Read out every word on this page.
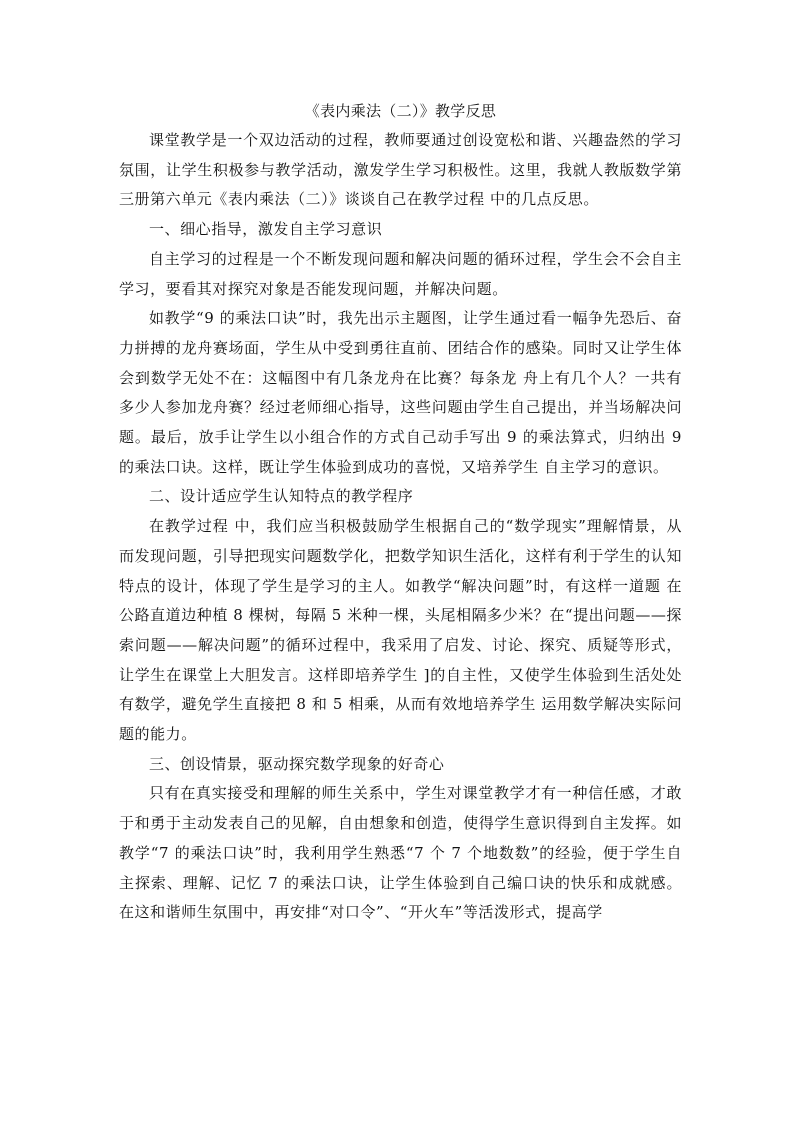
《表内乘法（二）》教学反思

课堂教学是一个双边活动的过程，教师要通过创设宽松和谐、兴趣盎然的学习氛围，让学生积极参与教学活动，激发学生学习积极性。这里，我就人教版数学第三册第六单元《表内乘法（二）》谈谈自己在教学过程 中的几点反思。

一、细心指导，激发自主学习意识

自主学习的过程是一个不断发现问题和解决问题的循环过程，学生会不会自主学习，要看其对探究对象是否能发现问题，并解决问题。

如教学“9 的乘法口诀”时，我先出示主题图，让学生通过看一幅争先恐后、奋力拼搏的龙舟赛场面，学生从中受到勇往直前、团结合作的感染。同时又让学生体会到数学无处不在：这幅图中有几条龙舟在比赛？每条龙 舟上有几个人？一共有多少人参加龙舟赛？经过老师细心指导，这些问题由学生自己提出，并当场解决问题。最后，放手让学生以小组合作的方式自己动手写出 9 的乘法算式，归纳出 9 的乘法口诀。这样，既让学生体验到成功的喜悦，又培养学生 自主学习的意识。

二、设计适应学生认知特点的教学程序

在教学过程 中，我们应当积极鼓励学生根据自己的“数学现实”理解情景，从而发现问题，引导把现实问题数学化，把数学知识生活化，这样有利于学生的认知特点的设计，体现了学生是学习的主人。如教学“解决问题”时，有这样一道题 在公路直道边种植 8 棵树，每隔 5 米种一棵，头尾相隔多少米？在“提出问题——探索问题——解决问题”的循环过程中，我采用了启发、讨论、探究、质疑等形式，让学生在课堂上大胆发言。这样即培养学生 ]的自主性，又使学生体验到生活处处有数学，避免学生直接把 8 和 5 相乘，从而有效地培养学生 运用数学解决实际问题的能力。

三、创设情景，驱动探究数学现象的好奇心

只有在真实接受和理解的师生关系中，学生对课堂教学才有一种信任感，才敢于和勇于主动发表自己的见解，自由想象和创造，使得学生意识得到自主发挥。如教学“7 的乘法口诀”时，我利用学生熟悉“7 个 7 个地数数”的经验，便于学生自主探索、理解、记忆 7 的乘法口诀，让学生体验到自己编口诀的快乐和成就感。在这和谐师生氛围中，再安排“对口令”、“开火车”等活泼形式，提高学
